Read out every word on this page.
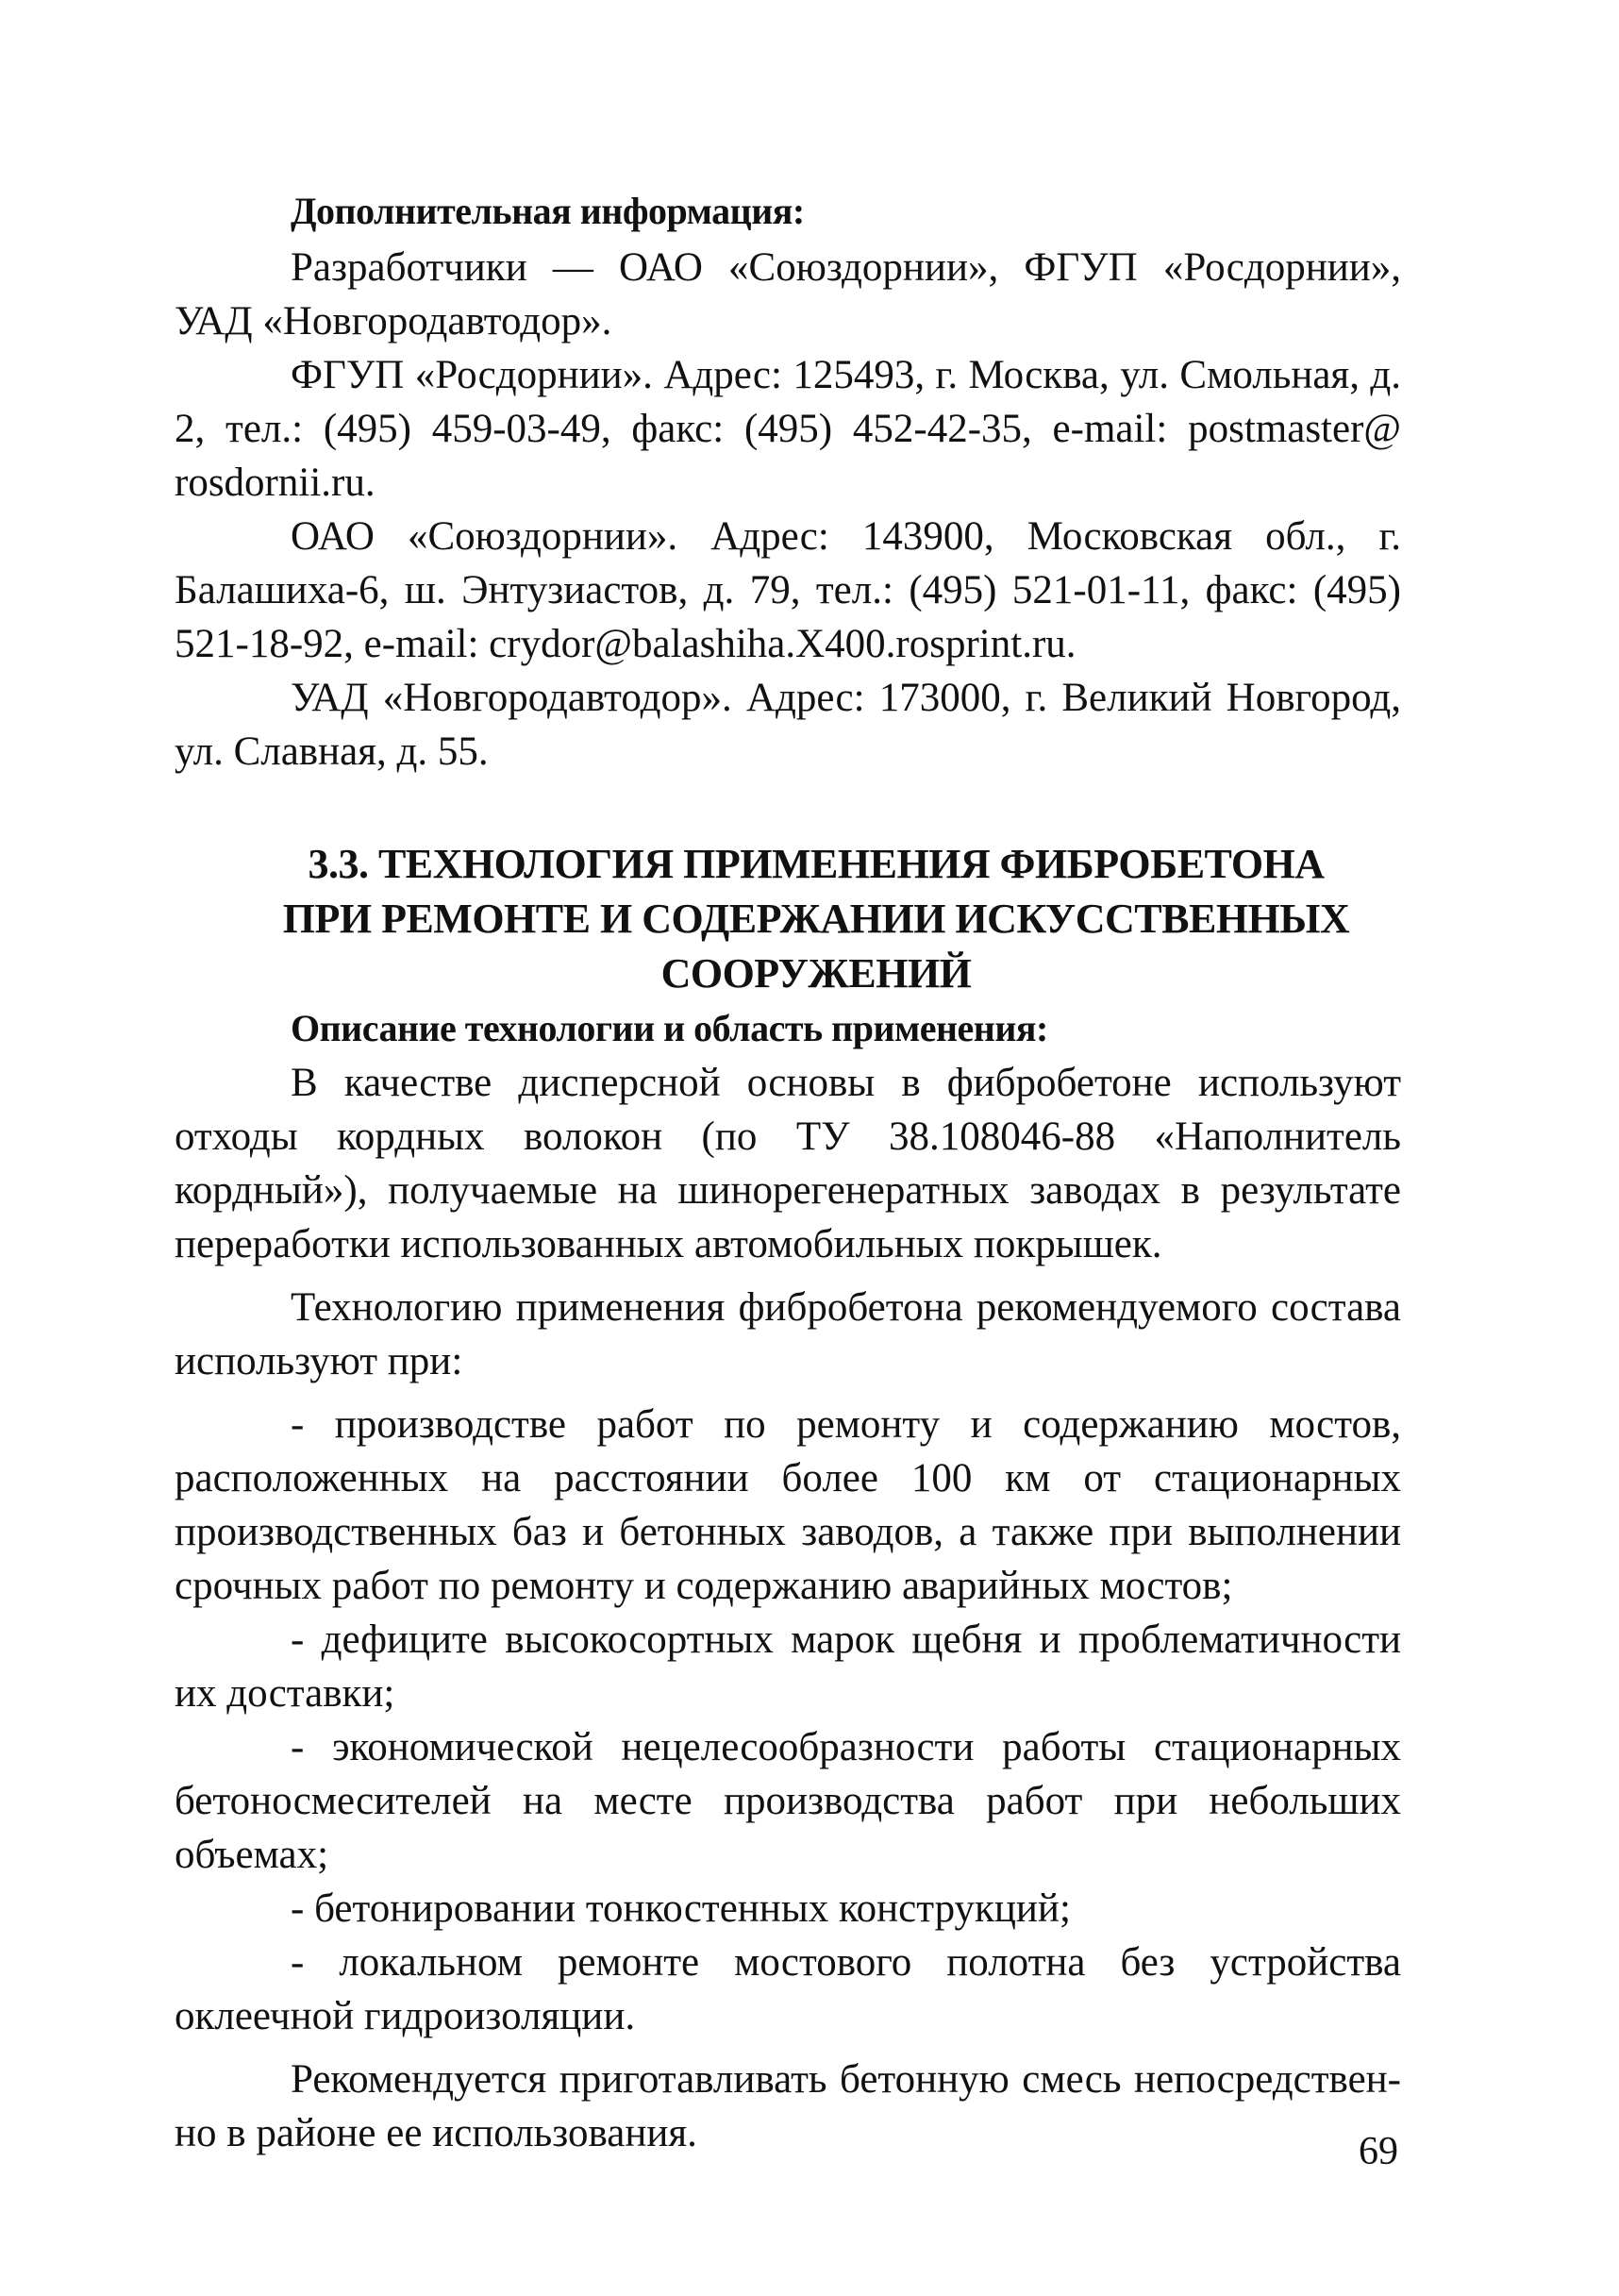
Дополнительная информация:

Разработчики — ОАО «Союздорнии», ФГУП «Росдорнии», УАД «Новгородавтодор».

ФГУП «Росдорнии». Адрес: 125493, г. Москва, ул. Смольная, д. 2, тел.: (495) 459-03-49, факс: (495) 452-42-35, e-mail: postmaster@ rosdornii.ru.

ОАО «Союздорнии». Адрес: 143900, Московская обл., г. Балашиха-6, ш. Энтузиастов, д. 79, тел.: (495) 521-01-11, факс: (495) 521-18-92, e-mail: crydor@balashiha.X400.rosprint.ru.

УАД «Новгородавтодор». Адрес: 173000, г. Великий Новгород, ул. Славная, д. 55.

3.3. ТЕХНОЛОГИЯ ПРИМЕНЕНИЯ ФИБРОБЕТОНА
ПРИ РЕМОНТЕ И СОДЕРЖАНИИ ИСКУССТВЕННЫХ
СООРУЖЕНИЙ
Описание технологии и область применения:

В качестве дисперсной основы в фибробетоне используют отходы кордных волокон (по ТУ 38.108046-88 «Наполнитель кордный»), получаемые на шинорегенератных заводах в результате переработки использованных автомобильных покрышек.

Технологию применения фибробетона рекомендуемого состава используют при:

- производстве работ по ремонту и содержанию мостов, расположенных на расстоянии более 100 км от стационарных производственных баз и бетонных заводов, а также при выполнении срочных работ по ремонту и содержанию аварийных мостов;

- дефиците высокосортных марок щебня и проблематичности их доставки;

- экономической нецелесообразности работы стационарных бетоносмесителей на месте производства работ при небольших объемах;

- бетонировании тонкостенных конструкций;

- локальном ремонте мостового полотна без устройства оклеечной гидроизоляции.

Рекомендуется приготавливать бетонную смесь непосредственно в районе ее использования.	69
